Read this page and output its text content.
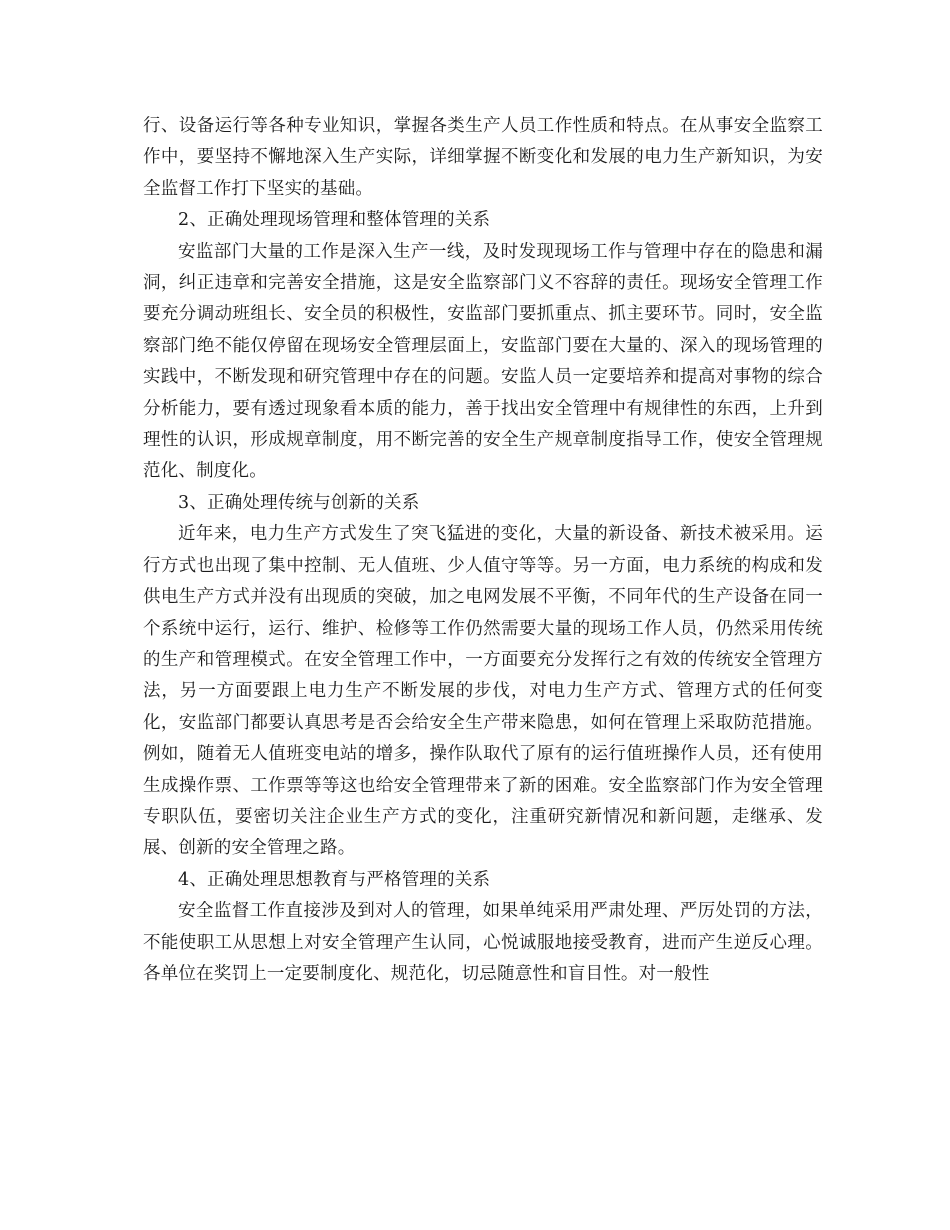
行、设备运行等各种专业知识，掌握各类生产人员工作性质和特点。在从事安全监察工作中，要坚持不懈地深入生产实际，详细掌握不断变化和发展的电力生产新知识，为安全监督工作打下坚实的基础。

2、正确处理现场管理和整体管理的关系

安监部门大量的工作是深入生产一线，及时发现现场工作与管理中存在的隐患和漏洞，纠正违章和完善安全措施，这是安全监察部门义不容辞的责任。现场安全管理工作要充分调动班组长、安全员的积极性，安监部门要抓重点、抓主要环节。同时，安全监察部门绝不能仅停留在现场安全管理层面上，安监部门要在大量的、深入的现场管理的实践中，不断发现和研究管理中存在的问题。安监人员一定要培养和提高对事物的综合分析能力，要有透过现象看本质的能力，善于找出安全管理中有规律性的东西，上升到理性的认识，形成规章制度，用不断完善的安全生产规章制度指导工作，使安全管理规范化、制度化。

3、正确处理传统与创新的关系

近年来，电力生产方式发生了突飞猛进的变化，大量的新设备、新技术被采用。运行方式也出现了集中控制、无人值班、少人值守等等。另一方面，电力系统的构成和发供电生产方式并没有出现质的突破，加之电网发展不平衡，不同年代的生产设备在同一个系统中运行，运行、维护、检修等工作仍然需要大量的现场工作人员，仍然采用传统的生产和管理模式。在安全管理工作中，一方面要充分发挥行之有效的传统安全管理方法，另一方面要跟上电力生产不断发展的步伐，对电力生产方式、管理方式的任何变化，安监部门都要认真思考是否会给安全生产带来隐患，如何在管理上采取防范措施。例如，随着无人值班变电站的增多，操作队取代了原有的运行值班操作人员，还有使用生成操作票、工作票等等这也给安全管理带来了新的困难。安全监察部门作为安全管理专职队伍，要密切关注企业生产方式的变化，注重研究新情况和新问题，走继承、发展、创新的安全管理之路。

4、正确处理思想教育与严格管理的关系

安全监督工作直接涉及到对人的管理，如果单纯采用严肃处理、严厉处罚的方法，不能使职工从思想上对安全管理产生认同，心悦诚服地接受教育，进而产生逆反心理。各单位在奖罚上一定要制度化、规范化，切忌随意性和盲目性。对一般性
